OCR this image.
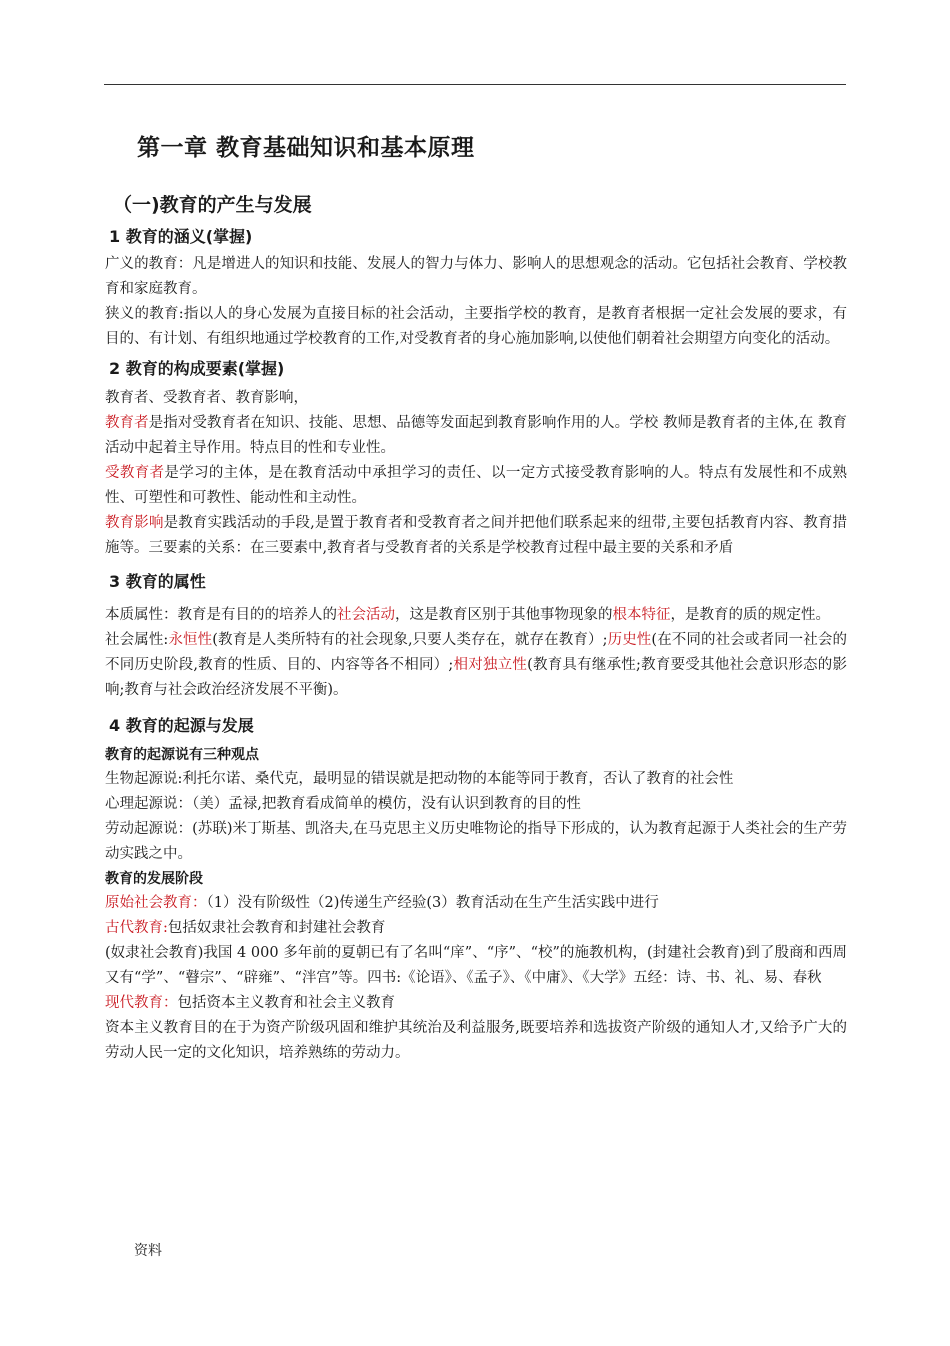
第一章 教育基础知识和基本原理
（一)教育的产生与发展
1 教育的涵义(掌握)

广义的教育：凡是增进人的知识和技能、发展人的智力与体力、影响人的思想观念的活动。它包括社会教育、学校教育和家庭教育。

狭义的教育:指以人的身心发展为直接目标的社会活动，主要指学校的教育，是教育者根据一定社会发展的要求，有目的、有计划、有组织地通过学校教育的工作,对受教育者的身心施加影响,以使他们朝着社会期望方向变化的活动。

2 教育的构成要素(掌握)

教育者、受教育者、教育影响，

教育者是指对受教育者在知识、技能、思想、品德等发面起到教育影响作用的人。学校 教师是教育者的主体,在 教育活动中起着主导作用。特点目的性和专业性。

受教育者是学习的主体，是在教育活动中承担学习的责任、以一定方式接受教育影响的人。特点有发展性和不成熟性、可塑性和可教性、能动性和主动性。

教育影响是教育实践活动的手段,是置于教育者和受教育者之间并把他们联系起来的纽带,主要包括教育内容、教育措施等。三要素的关系：在三要素中,教育者与受教育者的关系是学校教育过程中最主要的关系和矛盾

3 教育的属性

本质属性：教育是有目的的培养人的社会活动，这是教育区别于其他事物现象的根本特征，是教育的质的规定性。

社会属性:永恒性(教育是人类所特有的社会现象,只要人类存在，就存在教育）;历史性(在不同的社会或者同一社会的不同历史阶段,教育的性质、目的、内容等各不相同）;相对独立性(教育具有继承性;教育要受其他社会意识形态的影响;教育与社会政治经济发展不平衡)。

4 教育的起源与发展
教育的起源说有三种观点

生物起源说:利托尔诺、桑代克，最明显的错误就是把动物的本能等同于教育，否认了教育的社会性

心理起源说：（美）孟禄,把教育看成简单的模仿，没有认识到教育的目的性

劳动起源说：(苏联)米丁斯基、凯洛夫,在马克思主义历史唯物论的指导下形成的，认为教育起源于人类社会的生产劳动实践之中。

教育的发展阶段

原始社会教育：（1）没有阶级性（2)传递生产经验(3）教育活动在生产生活实践中进行

古代教育:包括奴隶社会教育和封建社会教育

(奴隶社会教育)我国 4 000 多年前的夏朝已有了名叫“庠”、“序”、“校”的施教机构，(封建社会教育)到了殷商和西周又有“学”、“瞽宗”、“辟雍”、“泮宫”等。四书:《论语》、《孟子》、《中庸》、《大学》五经：诗、书、礼、易、春秋

现代教育：包括资本主义教育和社会主义教育

资本主义教育目的在于为资产阶级巩固和维护其统治及利益服务,既要培养和选拔资产阶级的通知人才,又给予广大的劳动人民一定的文化知识，培养熟练的劳动力。

资料
